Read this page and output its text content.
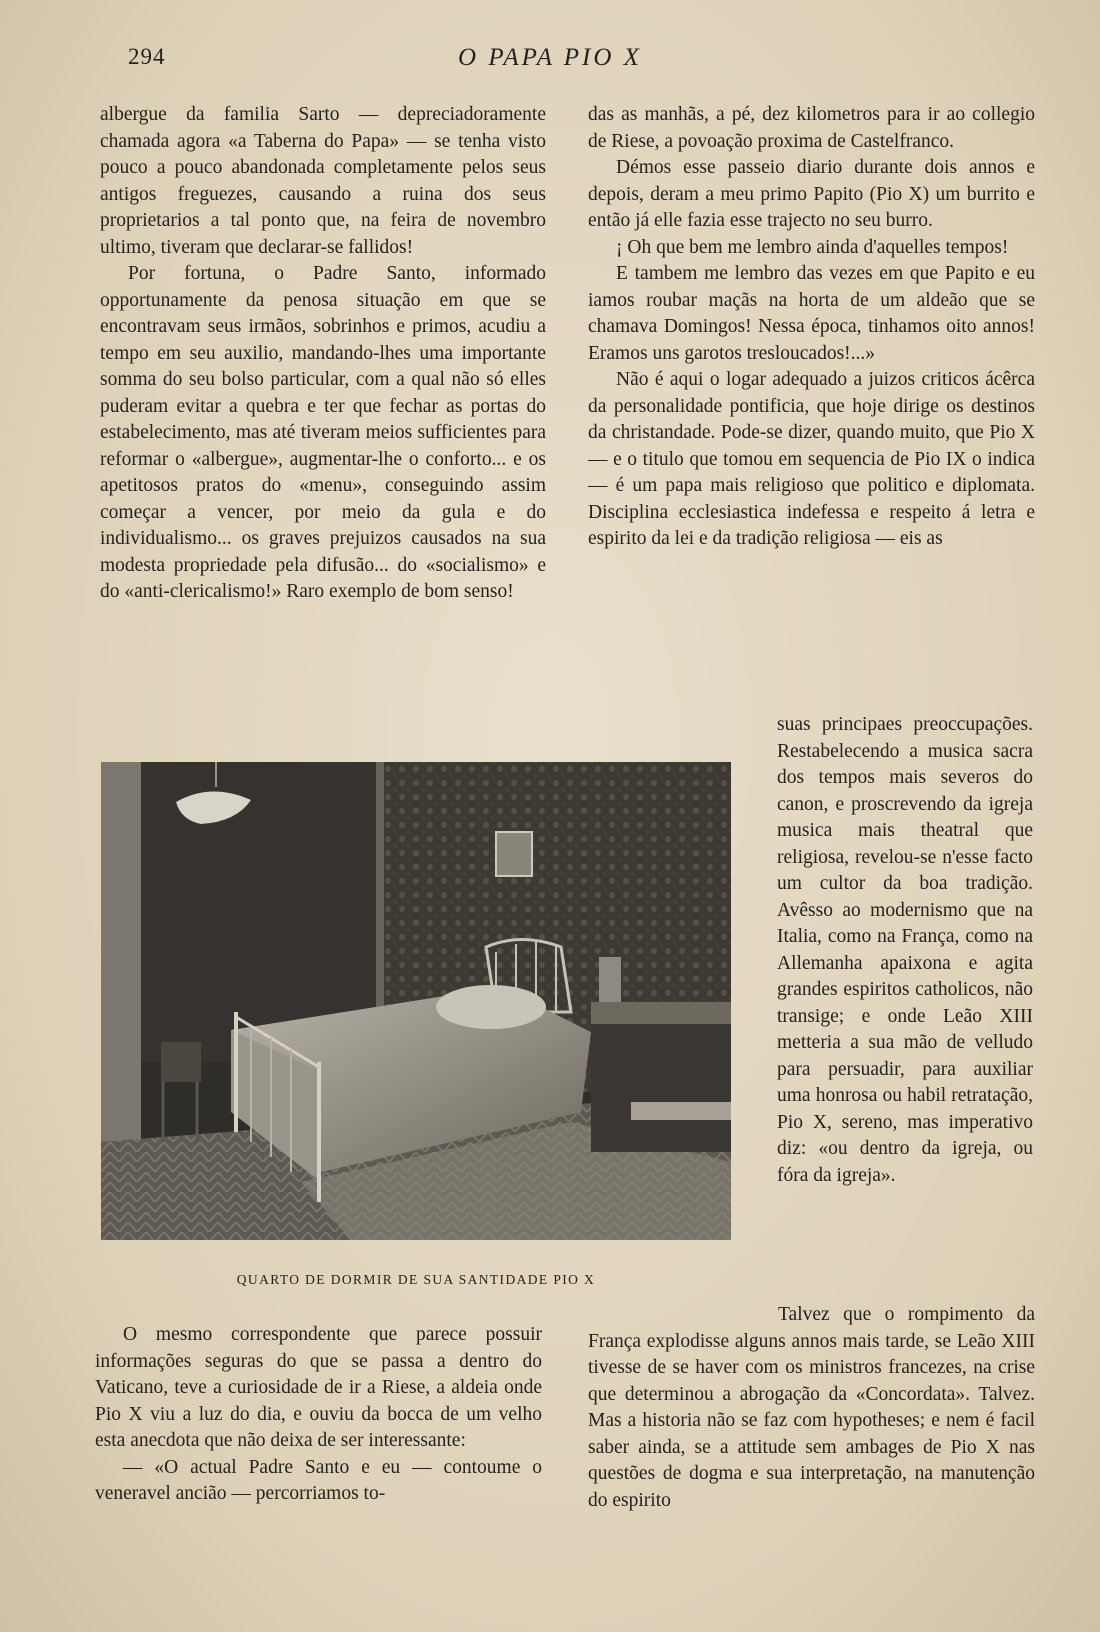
294	O PAPA PIO X

albergue da familia Sarto — depreciadoramente chamada agora «a Taberna do Papa» — se tenha visto pouco a pouco abandonada completamente pelos seus antigos freguezes, causando a ruina dos seus proprietarios a tal ponto que, na feira de novembro ultimo, tiveram que declarar-se fallidos!

Por fortuna, o Padre Santo, informado opportunamente da penosa situação em que se encontravam seus irmãos, sobrinhos e primos, acudiu a tempo em seu auxilio, mandando-lhes uma importante somma do seu bolso particular, com a qual não só elles puderam evitar a quebra e ter que fechar as portas do estabelecimento, mas até tiveram meios sufficientes para reformar o «albergue», augmentar-lhe o conforto... e os apetitosos pratos do «menu», conseguindo assim começar a vencer, por meio da gula e do individualismo... os graves prejuizos causados na sua modesta propriedade pela difusão... do «socialismo» e do «anti-clericalismo!» Raro exemplo de bom senso!

das as manhãs, a pé, dez kilometros para ir ao collegio de Riese, a povoação proxima de Castelfranco.

Démos esse passeio diario durante dois annos e depois, deram a meu primo Papito (Pio X) um burrito e então já elle fazia esse trajecto no seu burro.

¡ Oh que bem me lembro ainda d'aquelles tempos!

E tambem me lembro das vezes em que Papito e eu iamos roubar maçãs na horta de um aldeão que se chamava Domingos! Nessa época, tinhamos oito annos! Eramos uns garotos tresloucados!...»

Não é aqui o logar adequado a juizos criticos ácêrca da personalidade pontificia, que hoje dirige os destinos da christandade. Pode-se dizer, quando muito, que Pio X — e o titulo que tomou em sequencia de Pio IX o indica — é um papa mais religioso que politico e diplomata. Disciplina ecclesiastica indefessa e respeito á letra e espirito da lei e da tradição religiosa — eis as

suas principaes preoccupações. Restabelecendo a musica sacra dos tempos mais severos do canon, e proscrevendo da igreja musica mais theatral que religiosa, revelou-se n'esse facto um cultor da boa tradição. Avêsso ao modernismo que na Italia, como na França, como na Allemanha apaixona e agita grandes espiritos catholicos, não transige; e onde Leão XIII metteria a sua mão de velludo para persuadir, para auxiliar uma honrosa ou habil retratação, Pio X, sereno, mas imperativo diz: «ou dentro da igreja, ou fóra da igreja».

QUARTO DE DORMIR DE SUA SANTIDADE PIO X

Talvez que o rompimento da França explodisse alguns annos mais tarde, se Leão XIII tivesse de se haver com os ministros francezes, na crise que determinou a abrogação da «Concordata». Talvez. Mas a historia não se faz com hypotheses; e nem é facil saber ainda, se a attitude sem ambages de Pio X nas questões de dogma e sua interpretação, na manutenção do espirito

O mesmo correspondente que parece possuir informações seguras do que se passa a dentro do Vaticano, teve a curiosidade de ir a Riese, a aldeia onde Pio X viu a luz do dia, e ouviu da bocca de um velho esta anecdota que não deixa de ser interessante:

— «O actual Padre Santo e eu — contoume o veneravel ancião — percorriamos to-
